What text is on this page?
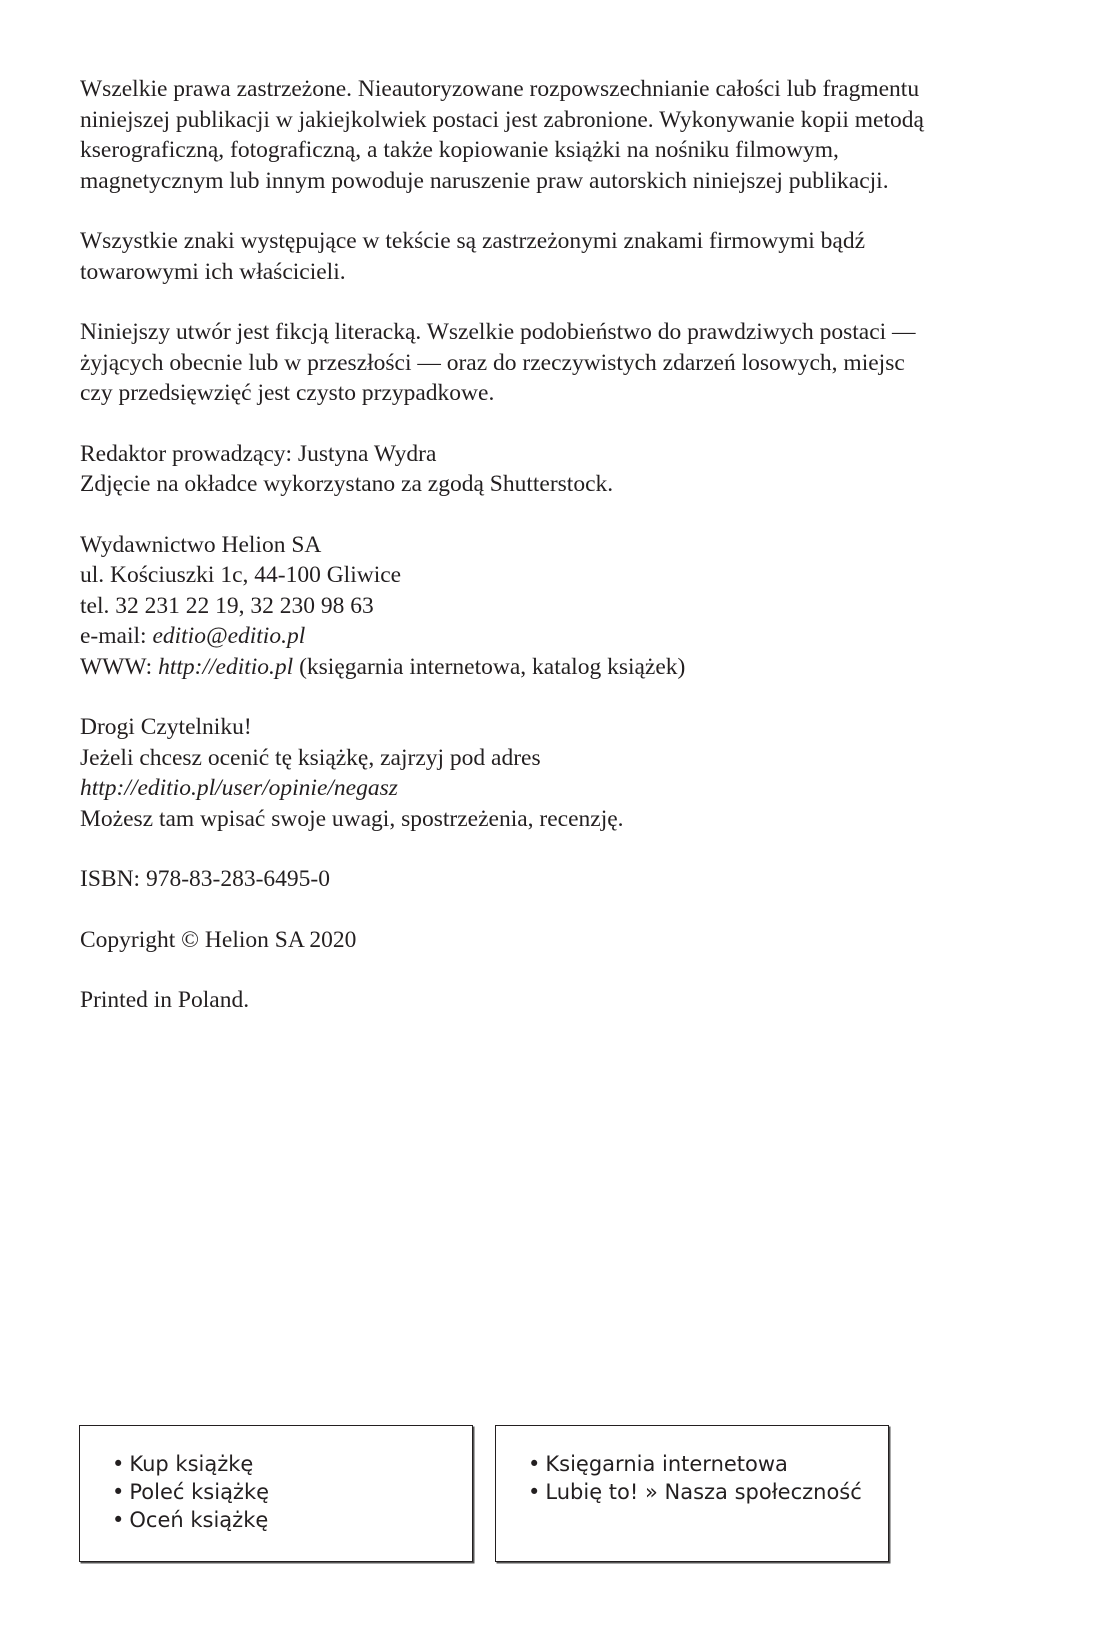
Wszelkie prawa zastrzeżone. Nieautoryzowane rozpowszechnianie całości lub fragmentu
niniejszej publikacji w jakiejkolwiek postaci jest zabronione. Wykonywanie kopii metodą
kserograficzną, fotograficzną, a także kopiowanie książki na nośniku filmowym,
magnetycznym lub innym powoduje naruszenie praw autorskich niniejszej publikacji.

Wszystkie znaki występujące w tekście są zastrzeżonymi znakami firmowymi bądź
towarowymi ich właścicieli.

Niniejszy utwór jest fikcją literacką. Wszelkie podobieństwo do prawdziwych postaci —
żyjących obecnie lub w przeszłości — oraz do rzeczywistych zdarzeń losowych, miejsc
czy przedsięwzięć jest czysto przypadkowe.

Redaktor prowadzący: Justyna Wydra
Zdjęcie na okładce wykorzystano za zgodą Shutterstock.

Wydawnictwo Helion SA
ul. Kościuszki 1c, 44-100 Gliwice
tel. 32 231 22 19, 32 230 98 63
e-mail: editio@editio.pl
WWW: http://editio.pl (księgarnia internetowa, katalog książek)

Drogi Czytelniku!
Jeżeli chcesz ocenić tę książkę, zajrzyj pod adres
http://editio.pl/user/opinie/negasz
Możesz tam wpisać swoje uwagi, spostrzeżenia, recenzję.

ISBN: 978-83-283-6495-0

Copyright © Helion SA 2020

Printed in Poland.

• Kup książkę
• Poleć książkę
• Oceń książkę
• Księgarnia internetowa
• Lubię to! » Nasza społeczność
